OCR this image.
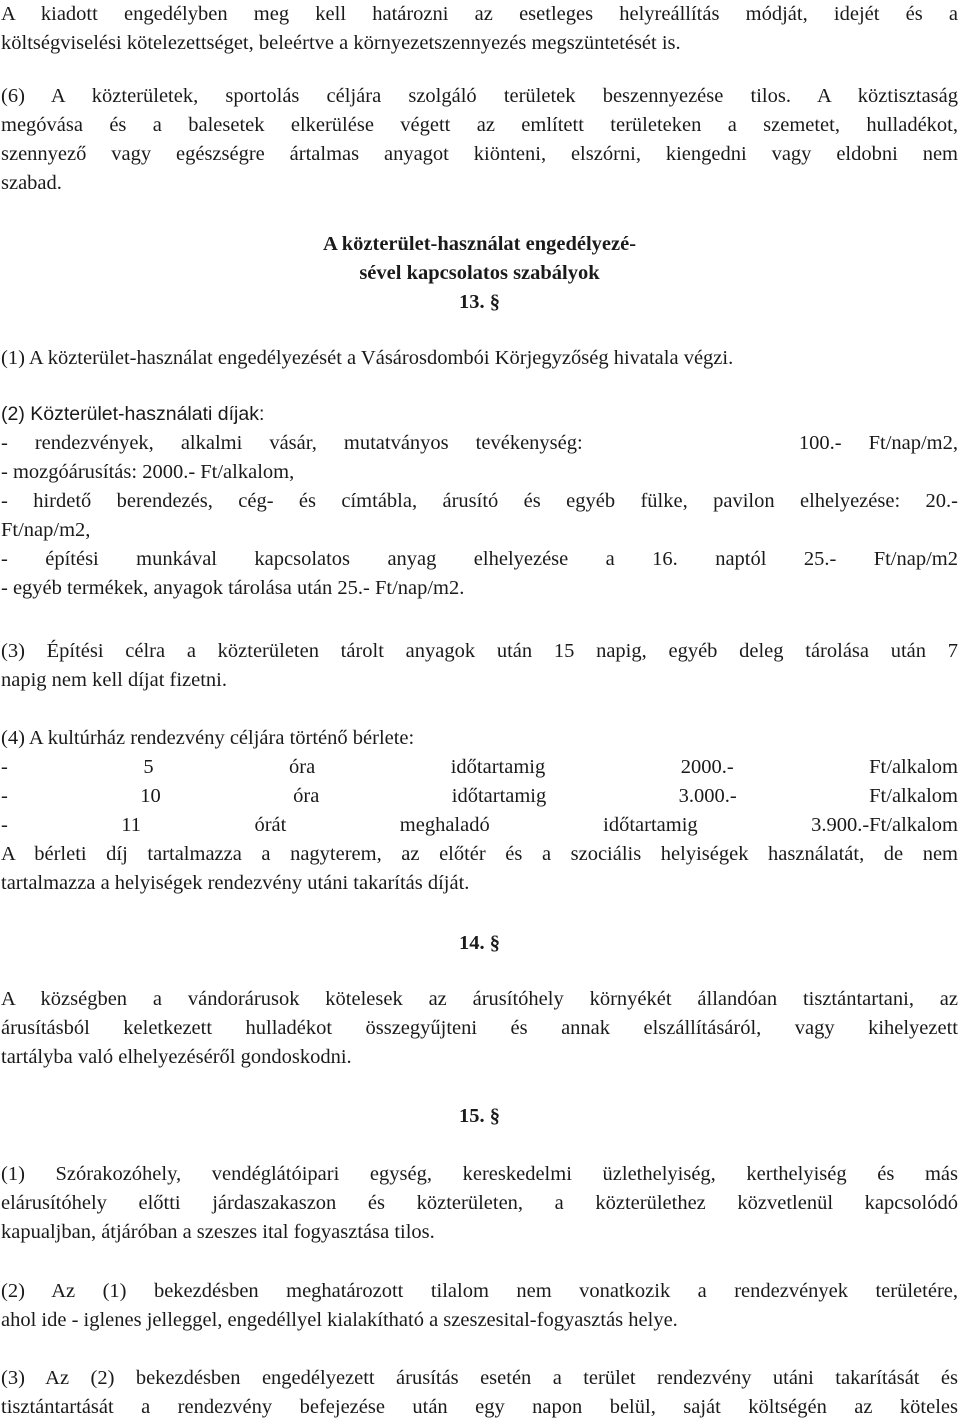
A kiadott engedélyben meg kell határozni az esetleges helyreállítás módját, idejét és a
költségviselési kötelezettséget, beleértve a környezetszennyezés megszüntetését is.
(6) A közterületek, sportolás céljára szolgáló területek beszennyezése tilos. A köztisztaság
megóvása és a balesetek elkerülése végett az említett területeken a szemetet, hulladékot,
szennyező vagy egészségre ártalmas anyagot kiönteni, elszórni, kiengedni vagy eldobni nem
szabad.
A közterület-használat engedélyezé-
sével kapcsolatos szabályok
13. §
(1) A közterület-használat engedélyezését a Vásárosdombói Körjegyzőség hivatala végzi.
(2) Közterület-használati díjak:
- rendezvények, alkalmi vásár, mutatványos tevékenység:	100.- Ft/nap/m2,
- mozgóárusítás: 2000.- Ft/alkalom,
- hirdető berendezés, cég- és címtábla, árusító és egyéb fülke, pavilon elhelyezése: 20.-
Ft/nap/m2,
- építési munkával kapcsolatos anyag elhelyezése a 16. naptól 25.- Ft/nap/m2
- egyéb termékek, anyagok tárolása után 25.- Ft/nap/m2.
(3) Építési célra a közterületen tárolt anyagok után 15 napig, egyéb deleg tárolása után 7
napig nem kell díjat fizetni.
(4) A kultúrház rendezvény céljára történő bérlete:
- 5 óra időtartamig 2000.- Ft/alkalom
- 10 óra időtartamig 3.000.- Ft/alkalom
- 11 órát meghaladó időtartamig 3.900.-Ft/alkalom
A bérleti díj tartalmazza a nagyterem, az előtér és a szociális helyiségek használatát, de nem
tartalmazza a helyiségek rendezvény utáni takarítás díját.
14. §
A községben a vándorárusok kötelesek az árusítóhely környékét állandóan tisztántartani, az
árusításból keletkezett hulladékot összegyűjteni és annak elszállításáról, vagy kihelyezett
tartályba való elhelyezéséről gondoskodni.
15. §
(1) Szórakozóhely, vendéglátóipari egység, kereskedelmi üzlethelyiség, kerthelyiség és más
elárusítóhely előtti járdaszakaszon és közterületen, a közterülethez közvetlenül kapcsolódó
kapualjban, átjáróban a szeszes ital fogyasztása tilos.
(2) Az (1) bekezdésben meghatározott tilalom nem vonatkozik a rendezvények területére,
ahol ide - iglenes jelleggel, engedéllyel kialakítható a szeszesital-fogyasztás helye.
(3) Az (2) bekezdésben engedélyezett árusítás esetén a terület rendezvény utáni takarítását és
tisztántartását a rendezvény befejezése után egy napon belül, saját költségén az köteles
